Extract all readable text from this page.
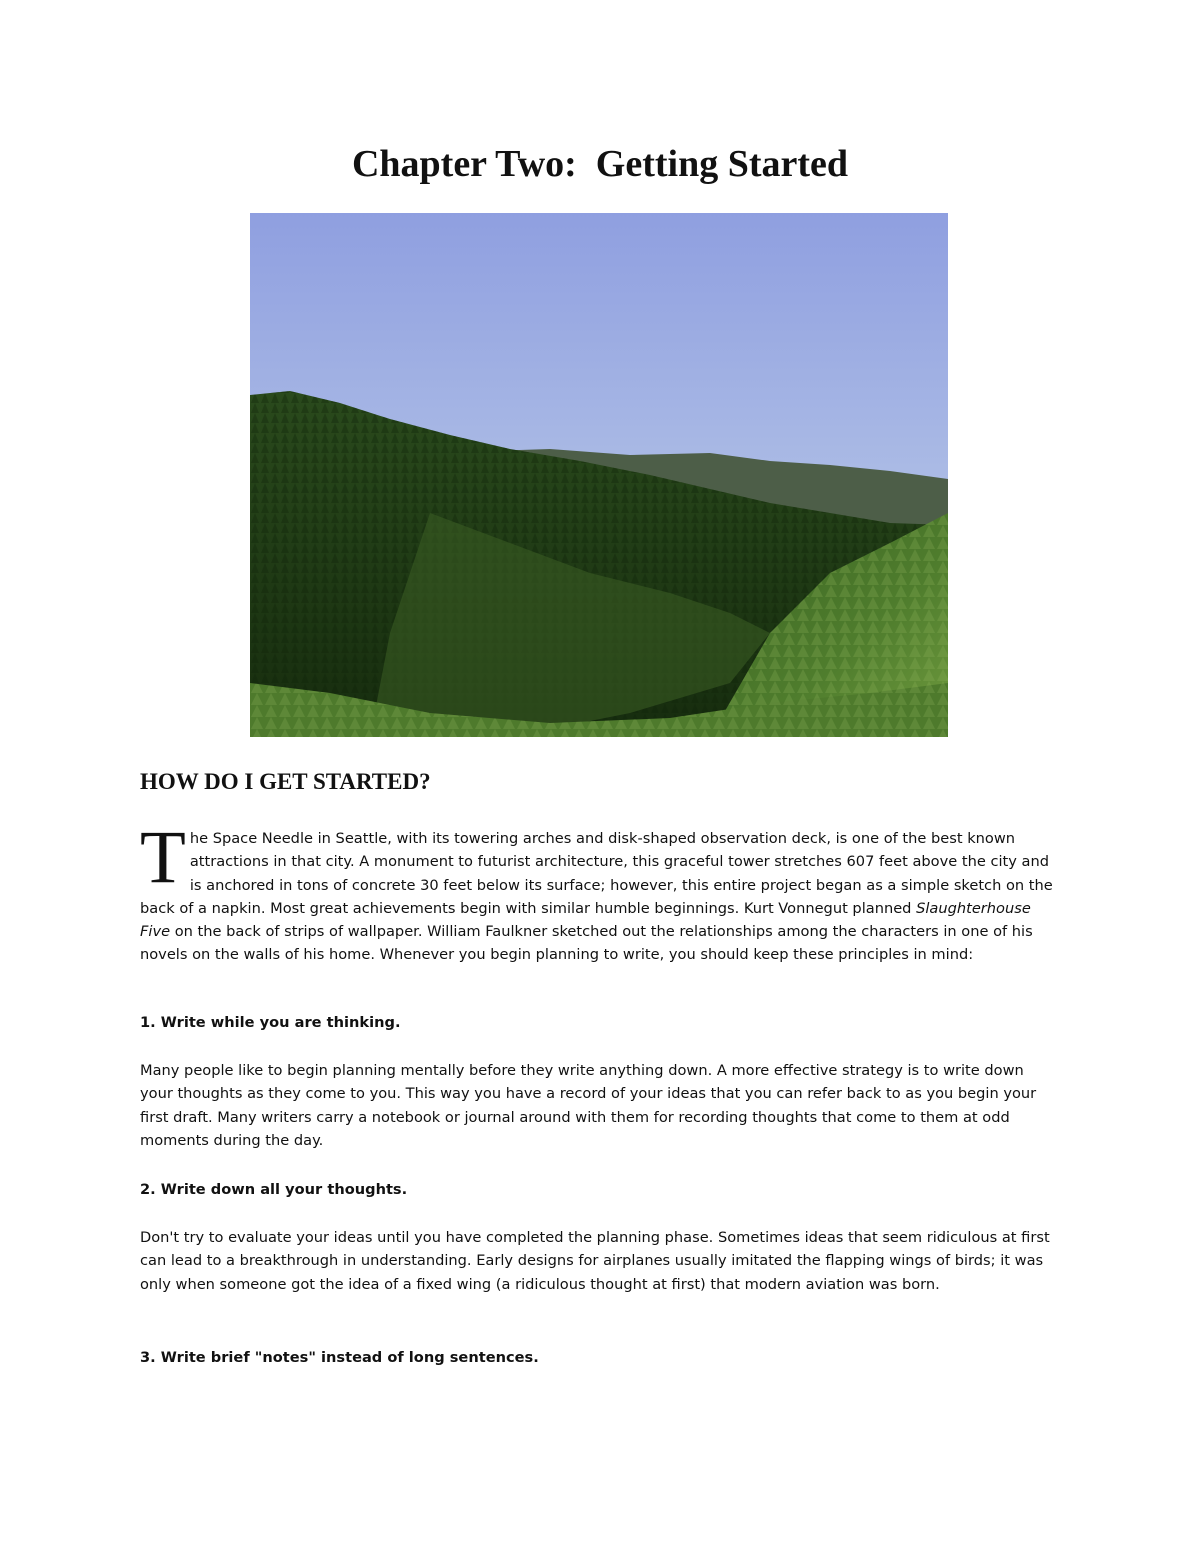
Chapter Two:  Getting Started
HOW DO I GET STARTED?

The Space Needle in Seattle, with its towering arches and disk-shaped observation deck, is one of the best known attractions in that city. A monument to futurist architecture, this graceful tower stretches 607 feet above the city and is anchored in tons of concrete 30 feet below its surface; however, this entire project began as a simple sketch on the back of a napkin. Most great achievements begin with similar humble beginnings. Kurt Vonnegut planned Slaughterhouse Five on the back of strips of wallpaper. William Faulkner sketched out the relationships among the characters in one of his novels on the walls of his home. Whenever you begin planning to write, you should keep these principles in mind:

1. Write while you are thinking.

Many people like to begin planning mentally before they write anything down. A more effective strategy is to write down your thoughts as they come to you. This way you have a record of your ideas that you can refer back to as you begin your first draft. Many writers carry a notebook or journal around with them for recording thoughts that come to them at odd moments during the day.

2. Write down all your thoughts.

Don't try to evaluate your ideas until you have completed the planning phase. Sometimes ideas that seem ridiculous at first can lead to a breakthrough in understanding. Early designs for airplanes usually imitated the flapping wings of birds; it was only when someone got the idea of a fixed wing (a ridiculous thought at first) that modern aviation was born.

3. Write brief "notes" instead of long sentences.
